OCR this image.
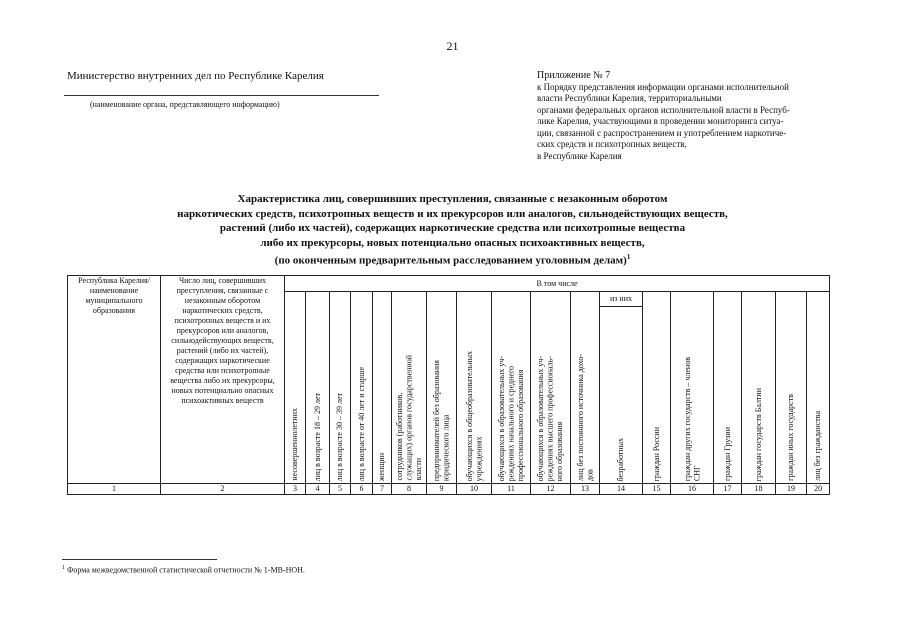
21
Министерство внутренних дел по Республике Карелия
(наименование органа, представляющего информацию)
Приложение № 7
к Порядку представления информации органами исполнительной
власти Республики Карелия, территориальными
органами федеральных органов исполнительной власти в Респуб-
лике Карелия, участвующими в проведении мониторинга ситуа-
ции, связанной с распространением и употреблением наркотиче-
ских средств и психотропных веществ,
в Республике Карелия
Характеристика лиц, совершивших преступления, связанные с незаконным оборотом
наркотических средств, психотропных веществ и их прекурсоров или аналогов, сильнодействующих веществ,
растений (либо их частей), содержащих наркотические средства или психотропные вещества
либо их прекурсоры, новых потенциально опасных психоактивных веществ,
(по оконченным предварительным расследованием уголовным делам)$^1$
Республика Карелия/ наименование муниципального образования	Число лиц, совершивших преступления, связанные с незаконным оборотом наркотических средств, психотропных веществ и их прекурсоров или аналогов, сильнодействующих веществ, растений (либо их частей), содержащих наркотические средства или психотропные вещества либо их прекурсоры, новых потенциально опасных психоактивных веществ	В том числе																	

		несовершеннолетних	лиц в возрасте 18 – 29 лет	лиц в возрасте 30 – 39 лет	лиц в возрасте от 40 лет и старше	женщин	сотрудников (работников,
служащих) органов государственной
власти	предпринимателей без образования
юридического лица	обучающихся в общеобразовательных
учреждениях	обучающихся в образовательных уч-
реждениях начального и среднего
профессионального образования	обучающихся в образовательных уч-
реждениях высшего профессиональ-
ного образования	лиц без постоянного источника дохо-
дов	из них	граждан России	граждан других государств – членов
СНГ	граждан Грузии	граждан государств Балтии	граждан иных государств	лиц без гражданства

													безработных						

1	2	3	4	5	6	7	8	9	10	11	12	13	14	15	16	17	18	19	20
$^1$ Форма межведомственной статистической отчетности № 1-МВ-НОН.
